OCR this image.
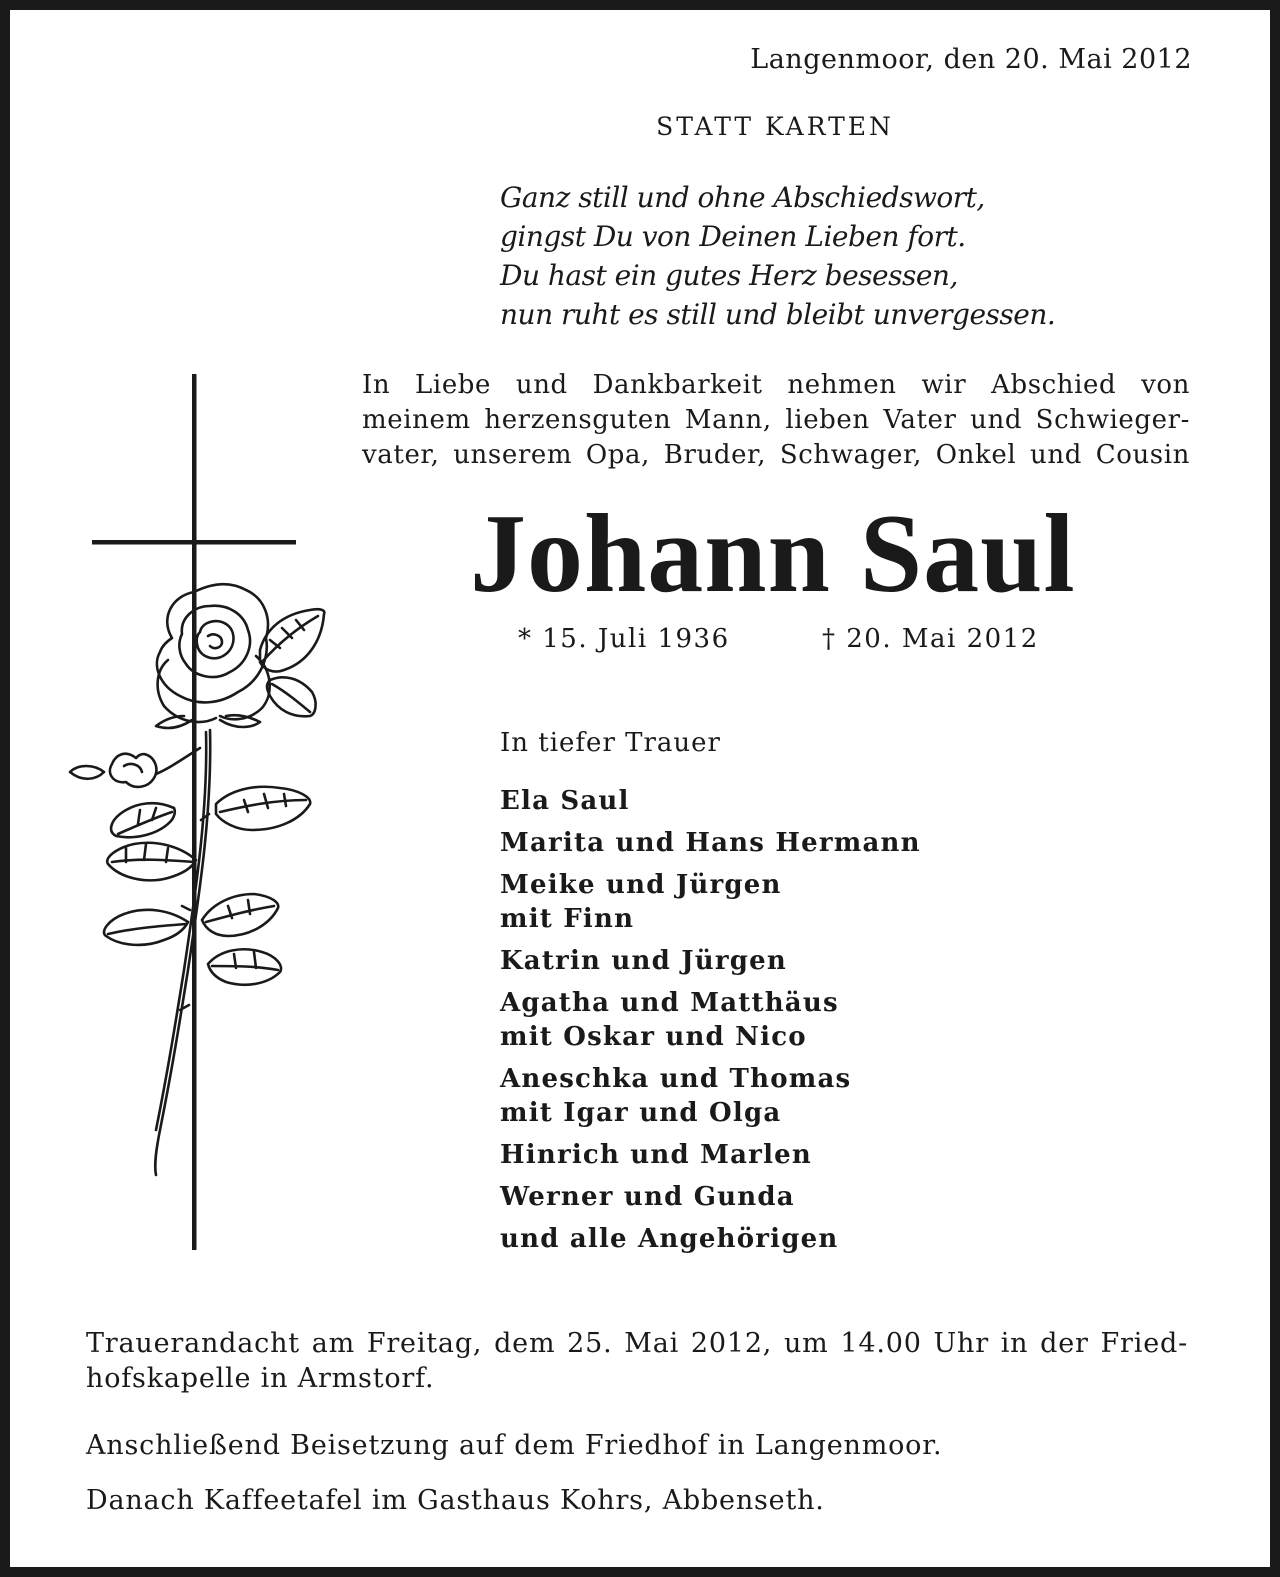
Langenmoor, den 20. Mai 2012
STATT KARTEN
Ganz still und ohne Abschiedswort,
gingst Du von Deinen Lieben fort.
Du hast ein gutes Herz besessen,
nun ruht es still und bleibt unvergessen.
In Liebe und Dankbarkeit nehmen wir Abschied von
meinem herzensguten Mann, lieben Vater und Schwieger-
vater, unserem Opa, Bruder, Schwager, Onkel und Cousin
Johann Saul
* 15. Juli 1936	† 20. Mai 2012
In tiefer Trauer
Ela Saul
Marita und Hans Hermann
Meike und Jürgen
mit Finn
Katrin und Jürgen
Agatha und Matthäus
mit Oskar und Nico
Aneschka und Thomas
mit Igar und Olga
Hinrich und Marlen
Werner und Gunda
und alle Angehörigen
Trauerandacht am Freitag, dem 25. Mai 2012, um 14.00 Uhr in der Fried-
hofskapelle in Armstorf.
Anschließend Beisetzung auf dem Friedhof in Langenmoor.
Danach Kaffeetafel im Gasthaus Kohrs, Abbenseth.
